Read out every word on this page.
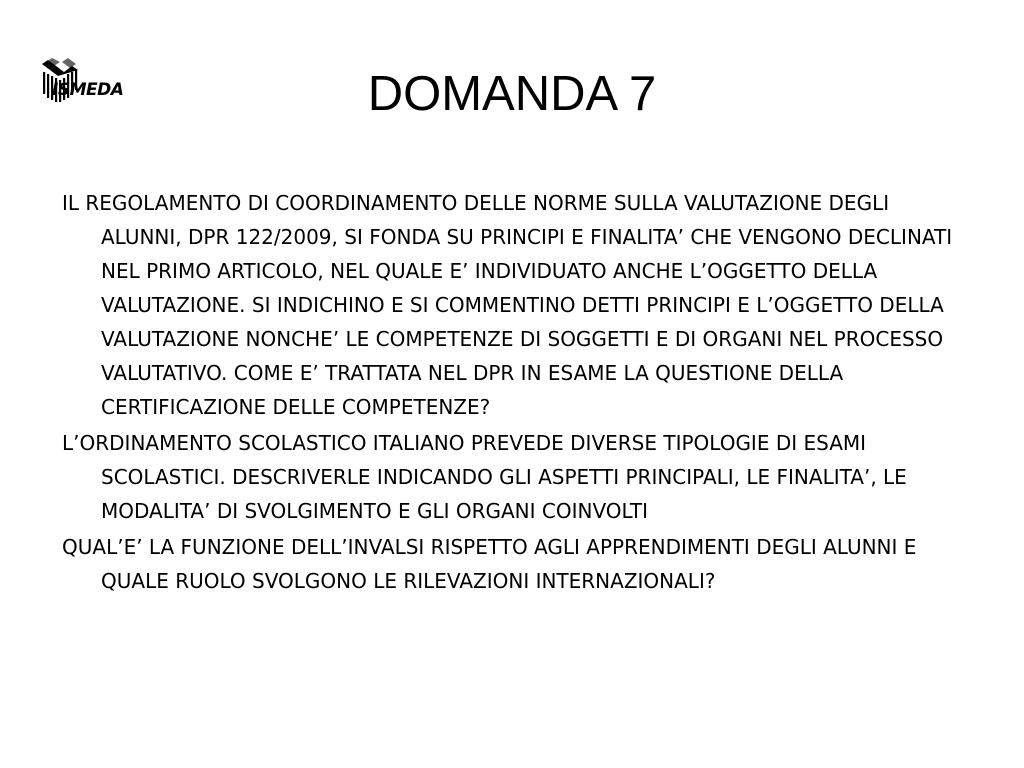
ISMEDA	DOMANDA 7
IL REGOLAMENTO DI COORDINAMENTO DELLE NORME SULLA VALUTAZIONE DEGLI ALUNNI, DPR 122/2009, SI FONDA SU PRINCIPI E FINALITA’ CHE VENGONO DECLINATI NEL PRIMO ARTICOLO, NEL QUALE E’ INDIVIDUATO ANCHE L’OGGETTO DELLA VALUTAZIONE. SI INDICHINO E SI COMMENTINO DETTI PRINCIPI E L’OGGETTO DELLA VALUTAZIONE NONCHE’ LE COMPETENZE DI SOGGETTI E DI ORGANI NEL PROCESSO VALUTATIVO. COME E’ TRATTATA NEL DPR IN ESAME LA QUESTIONE DELLA CERTIFICAZIONE DELLE COMPETENZE?
L’ORDINAMENTO SCOLASTICO ITALIANO PREVEDE DIVERSE TIPOLOGIE DI ESAMI SCOLASTICI. DESCRIVERLE INDICANDO GLI ASPETTI PRINCIPALI, LE FINALITA’, LE MODALITA’ DI SVOLGIMENTO E GLI ORGANI COINVOLTI
QUAL’E’ LA FUNZIONE DELL’INVALSI RISPETTO AGLI APPRENDIMENTI DEGLI ALUNNI E QUALE RUOLO SVOLGONO LE RILEVAZIONI INTERNAZIONALI?
